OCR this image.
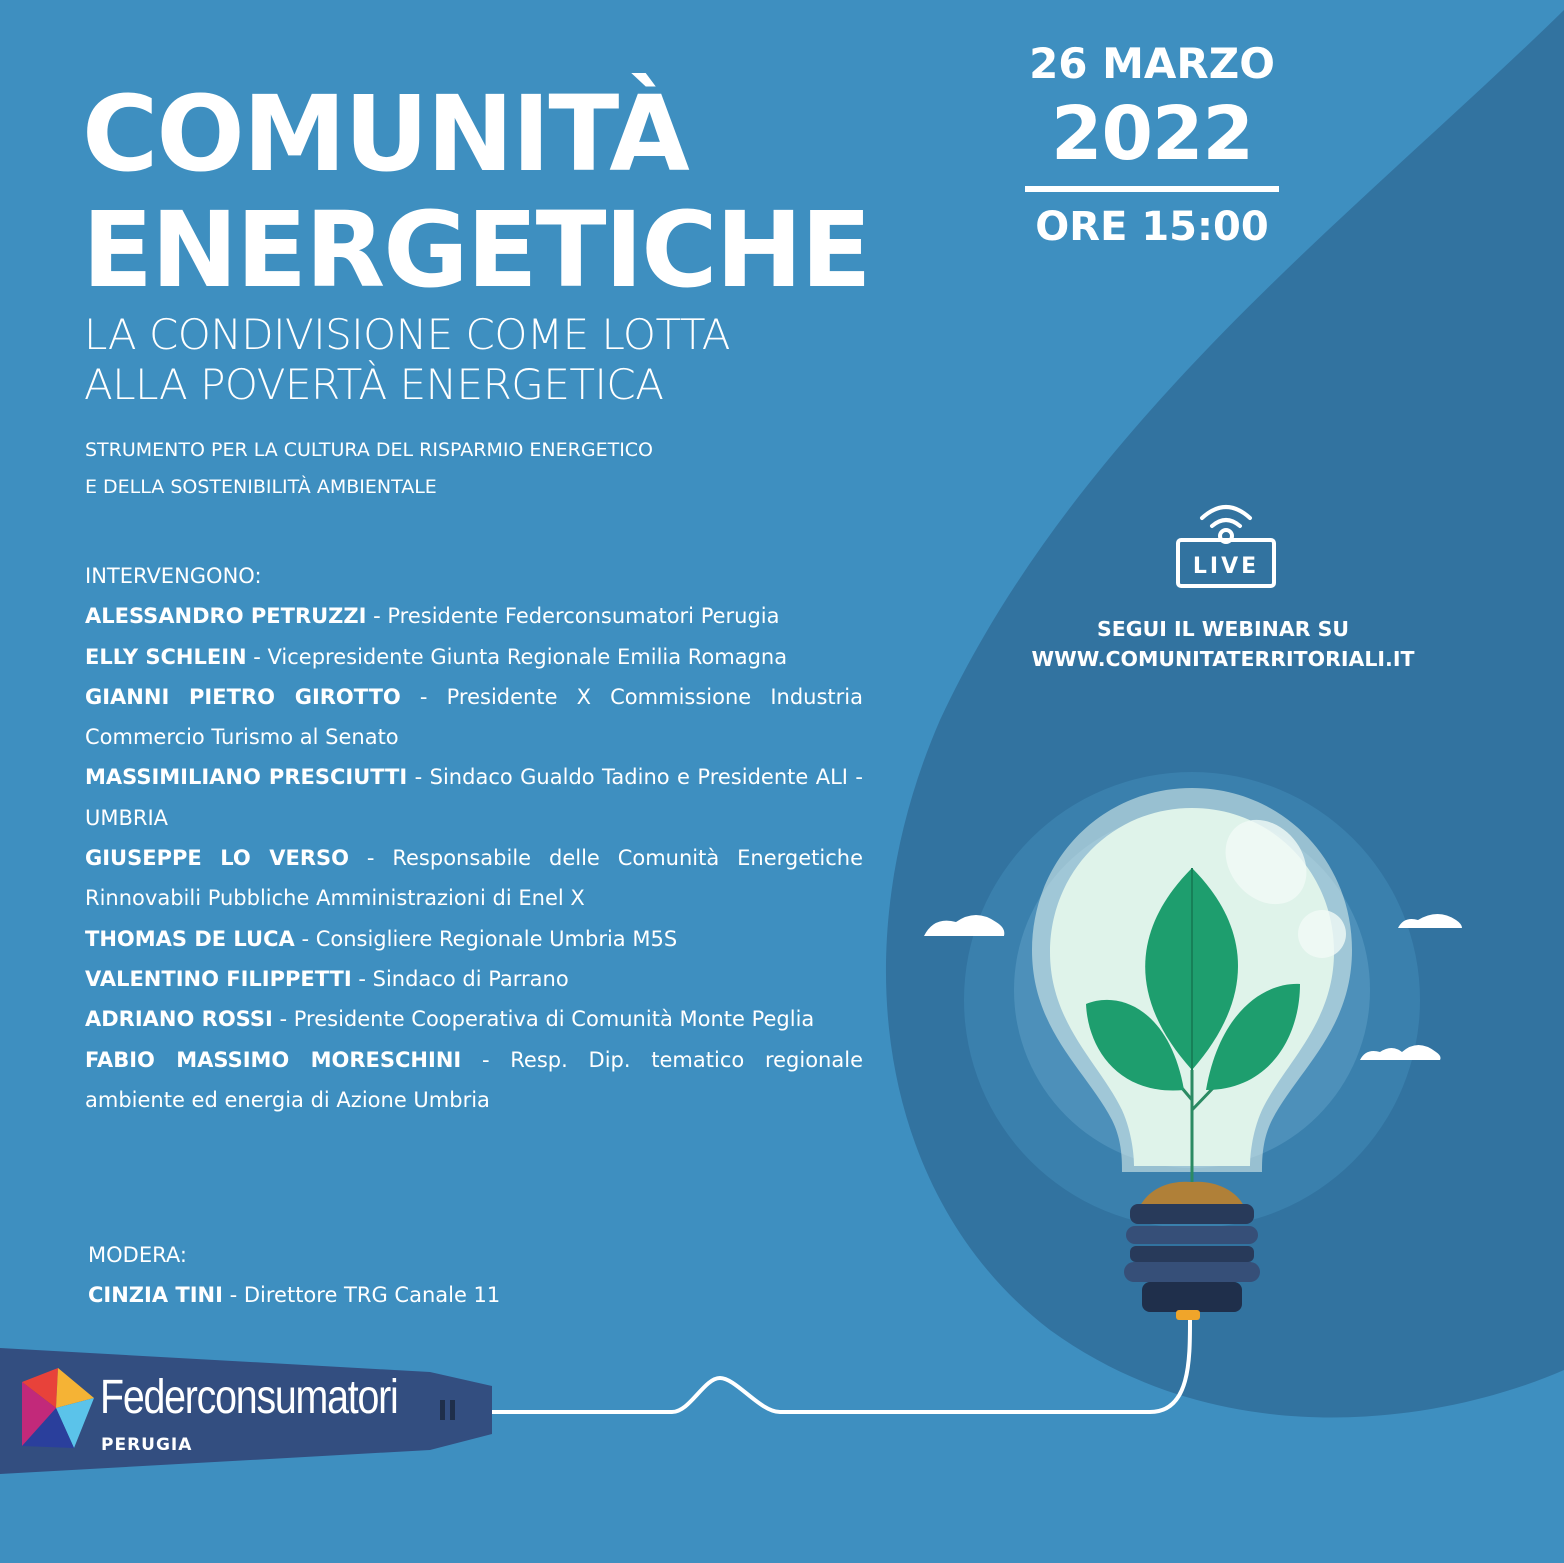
COMUNITÀ
ENERGETICHE
LA CONDIVISIONE COME LOTTA
ALLA POVERTÀ ENERGETICA

STRUMENTO PER LA CULTURA DEL RISPARMIO ENERGETICO
E DELLA SOSTENIBILITÀ AMBIENTALE

26 MARZO
2022
ORE 15:00
INTERVENGONO:
ALESSANDRO PETRUZZI - Presidente Federconsumatori Perugia
ELLY SCHLEIN - Vicepresidente Giunta Regionale Emilia Romagna
GIANNI PIETRO GIROTTO - Presidente X Commissione Industria Commercio Turismo al Senato
MASSIMILIANO PRESCIUTTI - Sindaco Gualdo Tadino e Presidente ALI - UMBRIA
GIUSEPPE LO VERSO - Responsabile delle Comunità Energetiche Rinnovabili Pubbliche Amministrazioni di Enel X
THOMAS DE LUCA - Consigliere Regionale Umbria M5S
VALENTINO FILIPPETTI - Sindaco di Parrano
ADRIANO ROSSI - Presidente Cooperativa di Comunità Monte Peglia
FABIO MASSIMO MORESCHINI - Resp. Dip. tematico regionale ambiente ed energia di Azione Umbria
MODERA:
CINZIA TINI - Direttore TRG Canale 11
LIVE
SEGUI IL WEBINAR SU
WWW.COMUNITATERRITORIALI.IT
Federconsumatori
PERUGIA
